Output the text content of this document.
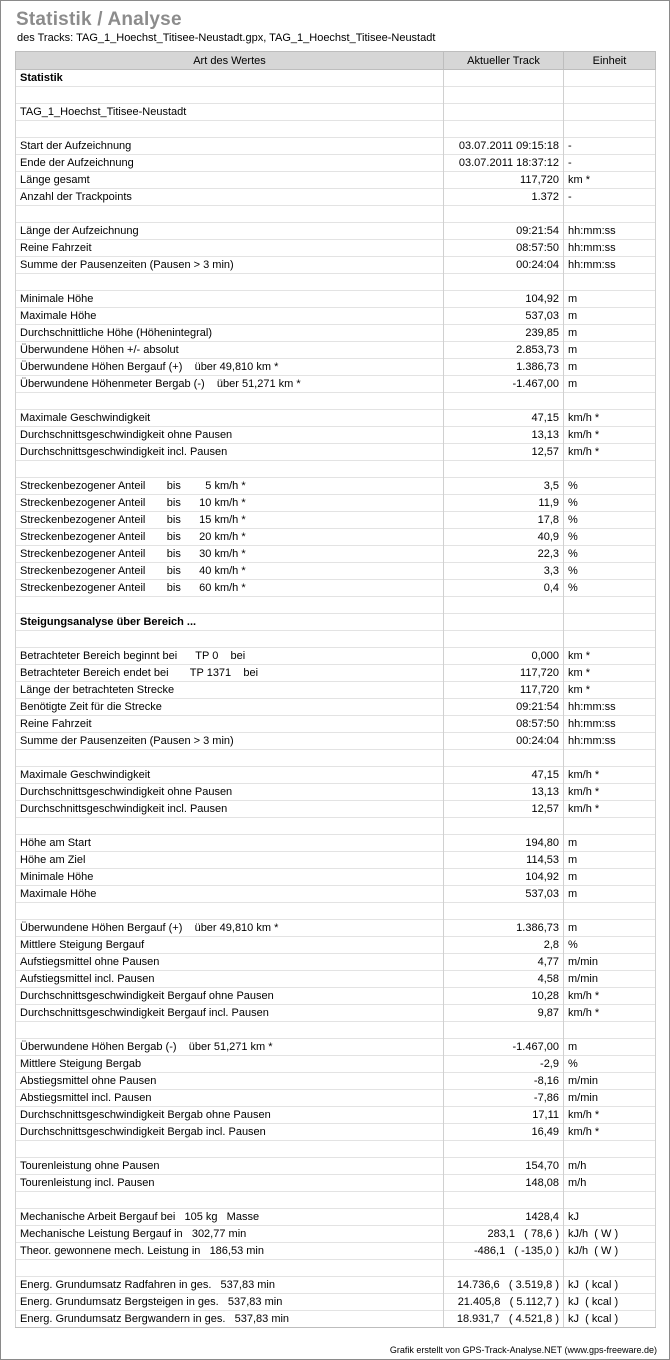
Statistik / Analyse
des Tracks: TAG_1_Hoechst_Titisee-Neustadt.gpx, TAG_1_Hoechst_Titisee-Neustadt
Art des Wertes	Aktueller Track	Einheit
Statistik		

TAG_1_Hoechst_Titisee-Neustadt		

Start der Aufzeichnung	03.07.2011 09:15:18	-
Ende der Aufzeichnung	03.07.2011 18:37:12	-
Länge gesamt	117,720	km *
Anzahl der Trackpoints	1.372	-

Länge der Aufzeichnung	09:21:54	hh:mm:ss
Reine Fahrzeit	08:57:50	hh:mm:ss
Summe der Pausenzeiten (Pausen > 3 min)	00:24:04	hh:mm:ss

Minimale Höhe	104,92	m
Maximale Höhe	537,03	m
Durchschnittliche Höhe (Höhenintegral)	239,85	m
Überwundene Höhen +/- absolut	2.853,73	m
Überwundene Höhen Bergauf (+)    über 49,810 km *	1.386,73	m
Überwundene Höhenmeter Bergab (-)    über 51,271 km *	-1.467,00	m

Maximale Geschwindigkeit	47,15	km/h *
Durchschnittsgeschwindigkeit ohne Pausen	13,13	km/h *
Durchschnittsgeschwindigkeit incl. Pausen	12,57	km/h *

Streckenbezogener Anteil       bis        5 km/h *	3,5	%
Streckenbezogener Anteil       bis      10 km/h *	11,9	%
Streckenbezogener Anteil       bis      15 km/h *	17,8	%
Streckenbezogener Anteil       bis      20 km/h *	40,9	%
Streckenbezogener Anteil       bis      30 km/h *	22,3	%
Streckenbezogener Anteil       bis      40 km/h *	3,3	%
Streckenbezogener Anteil       bis      60 km/h *	0,4	%

Steigungsanalyse über Bereich ...		

Betrachteter Bereich beginnt bei      TP 0    bei	0,000	km *
Betrachteter Bereich endet bei       TP 1371    bei	117,720	km *
Länge der betrachteten Strecke	117,720	km *
Benötigte Zeit für die Strecke	09:21:54	hh:mm:ss
Reine Fahrzeit	08:57:50	hh:mm:ss
Summe der Pausenzeiten (Pausen > 3 min)	00:24:04	hh:mm:ss

Maximale Geschwindigkeit	47,15	km/h *
Durchschnittsgeschwindigkeit ohne Pausen	13,13	km/h *
Durchschnittsgeschwindigkeit incl. Pausen	12,57	km/h *

Höhe am Start	194,80	m
Höhe am Ziel	114,53	m
Minimale Höhe	104,92	m
Maximale Höhe	537,03	m

Überwundene Höhen Bergauf (+)    über 49,810 km *	1.386,73	m
Mittlere Steigung Bergauf	2,8	%
Aufstiegsmittel ohne Pausen	4,77	m/min
Aufstiegsmittel incl. Pausen	4,58	m/min
Durchschnittsgeschwindigkeit Bergauf ohne Pausen	10,28	km/h *
Durchschnittsgeschwindigkeit Bergauf incl. Pausen	9,87	km/h *

Überwundene Höhen Bergab (-)    über 51,271 km *	-1.467,00	m
Mittlere Steigung Bergab	-2,9	%
Abstiegsmittel ohne Pausen	-8,16	m/min
Abstiegsmittel incl. Pausen	-7,86	m/min
Durchschnittsgeschwindigkeit Bergab ohne Pausen	17,11	km/h *
Durchschnittsgeschwindigkeit Bergab incl. Pausen	16,49	km/h *

Tourenleistung ohne Pausen	154,70	m/h
Tourenleistung incl. Pausen	148,08	m/h

Mechanische Arbeit Bergauf bei   105 kg   Masse	1428,4	kJ
Mechanische Leistung Bergauf in   302,77 min	283,1   ( 78,6 )	kJ/h  ( W )
Theor. gewonnene mech. Leistung in   186,53 min	-486,1   ( -135,0 )	kJ/h  ( W )

Energ. Grundumsatz Radfahren in ges.   537,83 min	14.736,6   ( 3.519,8 )	kJ  ( kcal )
Energ. Grundumsatz Bergsteigen in ges.   537,83 min	21.405,8   ( 5.112,7 )	kJ  ( kcal )
Energ. Grundumsatz Bergwandern in ges.   537,83 min	18.931,7   ( 4.521,8 )	kJ  ( kcal )
Grafik erstellt von GPS-Track-Analyse.NET (www.gps-freeware.de)
